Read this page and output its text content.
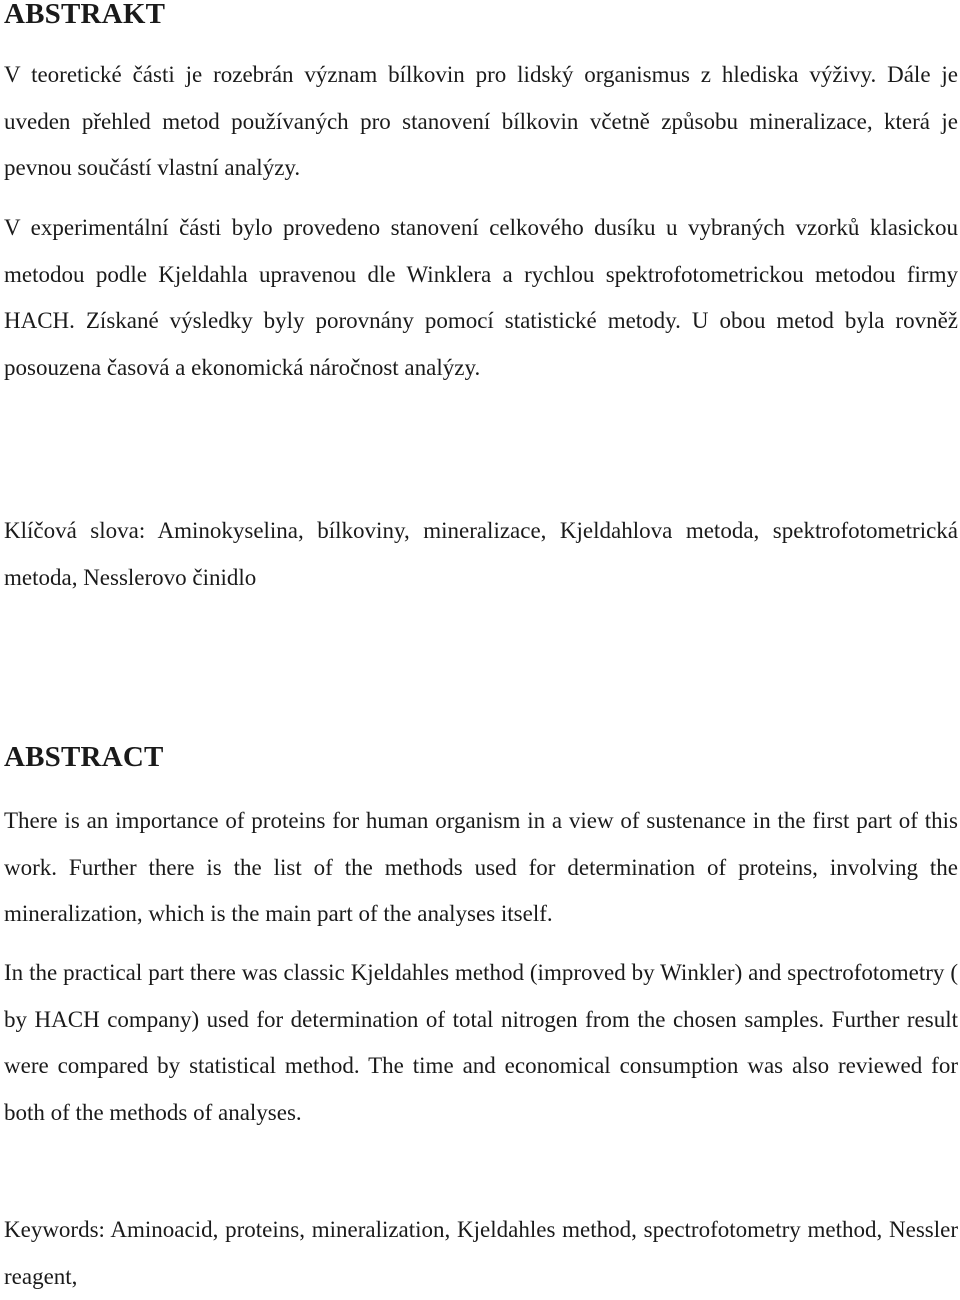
ABSTRAKT

V teoretické části je rozebrán význam bílkovin pro lidský organismus z hlediska výživy. Dále je uveden přehled metod používaných pro stanovení bílkovin včetně způsobu mineralizace, která je pevnou součástí vlastní analýzy.

V experimentální části bylo provedeno stanovení celkového dusíku u vybraných vzorků klasickou metodou podle Kjeldahla upravenou dle Winklera a rychlou spektrofotometrickou metodou firmy HACH. Získané výsledky byly porovnány pomocí statistické metody. U obou metod byla rovněž posouzena časová a ekonomická náročnost analýzy.

Klíčová slova: Aminokyselina, bílkoviny, mineralizace, Kjeldahlova metoda, spektrofotometrická metoda, Nesslerovo činidlo

ABSTRACT

There is an importance of proteins for human organism in a view of sustenance in the first part of this work. Further there is the list of the methods used for determination of proteins, involving the mineralization, which is the main part of the analyses itself.

In the practical part there was classic Kjeldahles method (improved by Winkler) and spectrofotometry ( by HACH company) used for determination of total nitrogen from the chosen samples. Further result were compared by statistical method. The time and economical consumption was also reviewed for both of the methods of analyses.

Keywords: Aminoacid, proteins, mineralization, Kjeldahles method, spectrofotometry method, Nessler reagent,
